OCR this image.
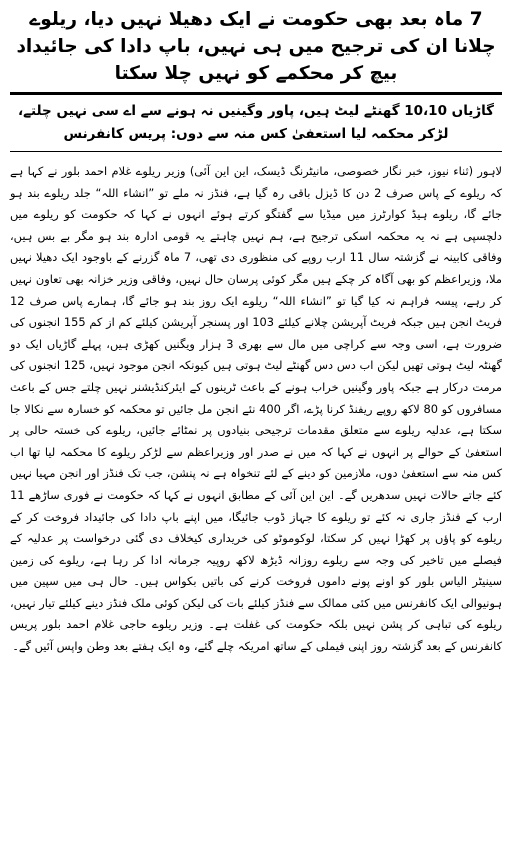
7 ماہ بعد بھی حکومت نے ایک دھیلا نہیں دیا، ریلوے چلانا ان کی ترجیح میں ہی نہیں، باپ دادا کی جائیداد بیچ کر محکمے کو نہیں چلا سکتا
گاڑیاں 10،10 گھنٹے لیٹ ہیں، پاور وگینیں نہ ہونے سے اے سی نہیں چلتے، لڑکر محکمہ لیا استعفیٰ کس منہ سے دوں: پریس کانفرنس

لاہور (ثناء نیوز، خبر نگار خصوصی، مانیٹرنگ ڈیسک، این این آئی) وزیر ریلوے غلام احمد بلور نے کہا ہے کہ ریلوے کے پاس صرف 2 دن کا ڈیزل باقی رہ گیا ہے، فنڈز نہ ملے تو ”انشاء اللہ“ جلد ریلوے بند ہو جائے گا، ریلوے ہیڈ کوارٹرز میں میڈیا سے گفتگو کرتے ہوئے انہوں نے کہا کہ حکومت کو ریلوے میں دلچسپی ہے نہ یہ محکمہ اسکی ترجیح ہے، ہم نہیں چاہتے یہ قومی ادارہ بند ہو مگر بے بس ہیں، وفاقی کابینہ نے گزشتہ سال 11 ارب روپے کی منظوری دی تھی، 7 ماہ گزرنے کے باوجود ایک دھیلا نہیں ملا، وزیراعظم کو بھی آگاہ کر چکے ہیں مگر کوئی پرسان حال نہیں، وفاقی وزیر خزانہ بھی تعاون نہیں کر رہے، پیسہ فراہم نہ کیا گیا تو ”انشاء اللہ“ ریلوے ایک روز بند ہو جائے گا، ہمارے پاس صرف 12 فریٹ انجن ہیں جبکہ فریٹ آپریشن چلانے کیلئے 103 اور پسنجر آپریشن کیلئے کم از کم 155 انجنوں کی ضرورت ہے، اسی وجہ سے کراچی میں مال سے بھری 3 ہزار ویگنیں کھڑی ہیں، پہلے گاڑیاں ایک دو گھنٹہ لیٹ ہوتی تھیں لیکن اب دس دس گھنٹے لیٹ ہوتی ہیں کیونکہ انجن موجود نہیں، 125 انجنوں کی مرمت درکار ہے جبکہ پاور وگینیں خراب ہونے کے باعث ٹرینوں کے ایئرکنڈیشنر نہیں چلتے جس کے باعث مسافروں کو 80 لاکھ روپے ریفنڈ کرنا پڑے، اگر 400 نئے انجن مل جائیں تو محکمہ کو خسارہ سے نکالا جا سکتا ہے، عدلیہ ریلوے سے متعلق مقدمات ترجیحی بنیادوں پر نمٹائے جائیں، ریلوے کی خستہ حالی پر استعفیٰ کے حوالے پر انہوں نے کہا کہ میں نے صدر اور وزیراعظم سے لڑکر ریلوے کا محکمہ لیا تھا اب کس منہ سے استعفیٰ دوں، ملازمین کو دینے کے لئے تنخواہ ہے نہ پنشن، جب تک فنڈز اور انجن مہیا نہیں کئے جاتے حالات نہیں سدھریں گے۔ این این آئی کے مطابق انہوں نے کہا کہ حکومت نے فوری ساڑھے 11 ارب کے فنڈز جاری نہ کئے تو ریلوے کا جہاز ڈوب جائیگا، میں اپنے باپ دادا کی جائیداد فروخت کر کے ریلوے کو پاؤں پر کھڑا نہیں کر سکتا، لوکوموٹو کی خریداری کیخلاف دی گئی درخواست پر عدلیہ کے فیصلے میں تاخیر کی وجہ سے ریلوے روزانہ ڈیڑھ لاکھ روپیہ جرمانہ ادا کر رہا ہے، ریلوے کی زمین سینیٹر الیاس بلور کو اونے پونے داموں فروخت کرنے کی باتیں بکواس ہیں۔ حال ہی میں سپین میں ہونیوالی ایک کانفرنس میں کئی ممالک سے فنڈز کیلئے بات کی لیکن کوئی ملک فنڈز دینے کیلئے تیار نہیں، ریلوے کی تباہی کر پشن نہیں بلکہ حکومت کی غفلت ہے۔ وزیر ریلوے حاجی غلام احمد بلور پریس کانفرنس کے بعد گزشتہ روز اپنی فیملی کے ساتھ امریکہ چلے گئے، وہ ایک ہفتے بعد وطن واپس آئیں گے۔
